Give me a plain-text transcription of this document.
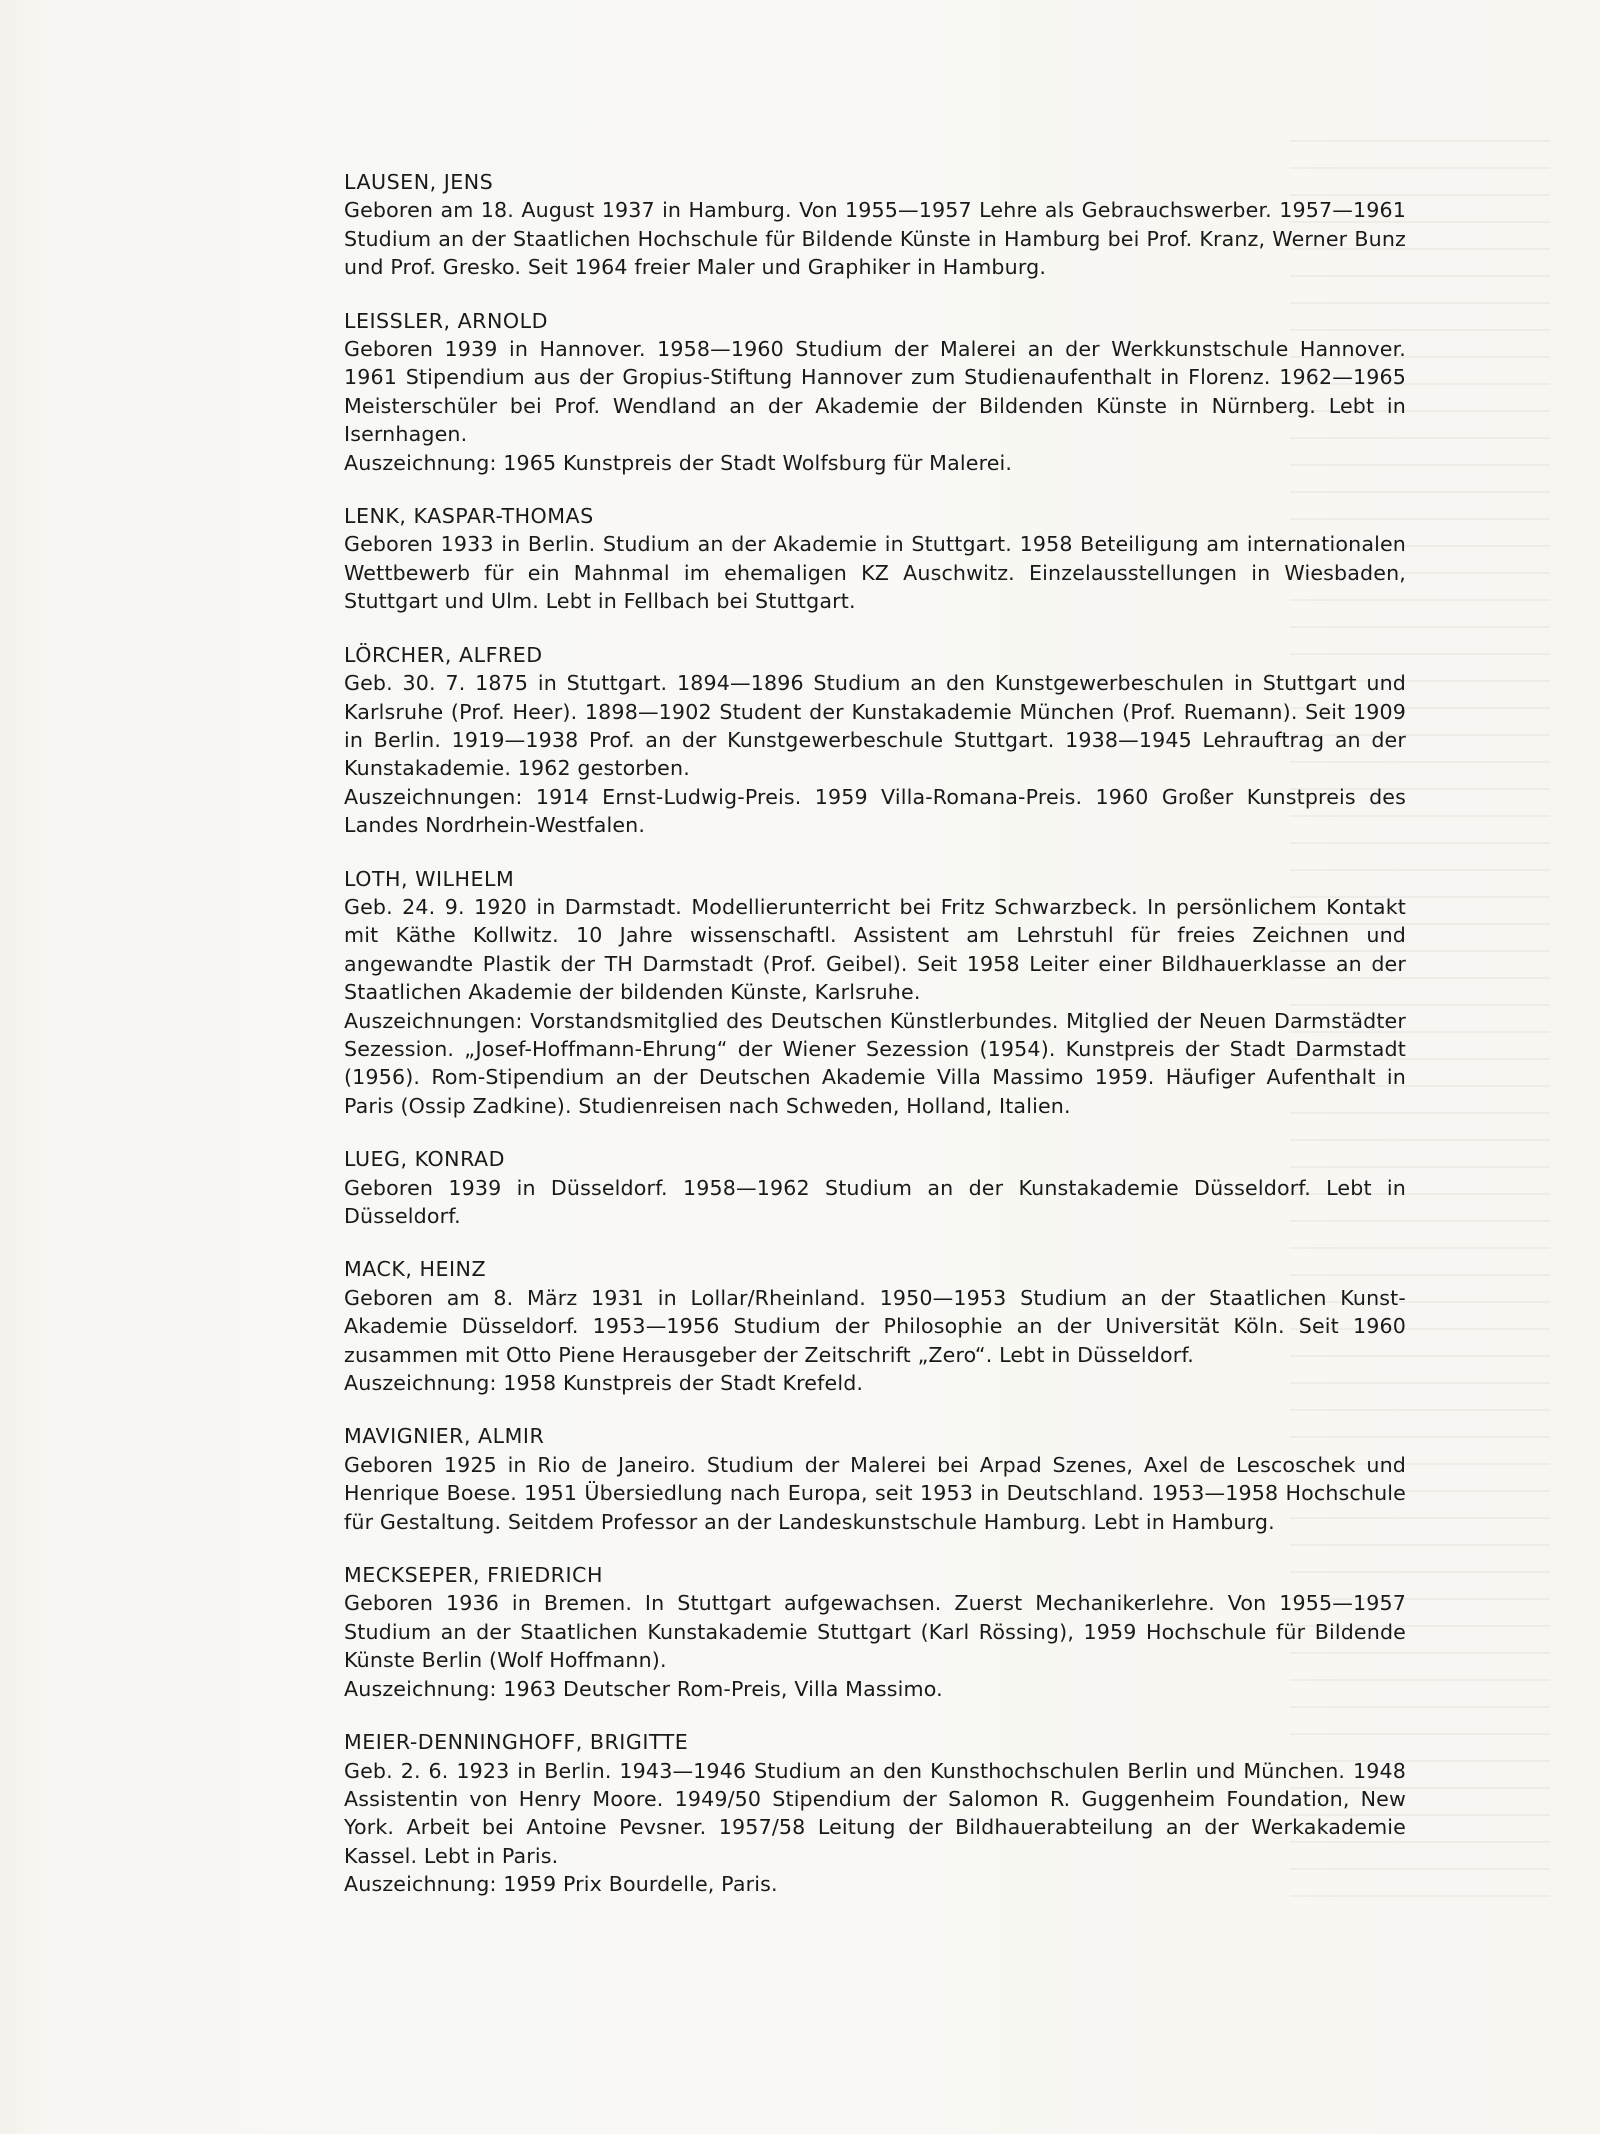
LAUSEN, JENS
Geboren am 18. August 1937 in Hamburg. Von 1955—1957 Lehre als Gebrauchswerber. 1957—1961 Studium an der Staatlichen Hochschule für Bildende Künste in Hamburg bei Prof. Kranz, Werner Bunz und Prof. Gresko. Seit 1964 freier Maler und Graphiker in Hamburg.
LEISSLER, ARNOLD
Geboren 1939 in Hannover. 1958—1960 Studium der Malerei an der Werkkunstschule Hannover. 1961 Stipendium aus der Gropius-Stiftung Hannover zum Studienaufenthalt in Florenz. 1962—1965 Meisterschüler bei Prof. Wendland an der Akademie der Bildenden Künste in Nürnberg. Lebt in Isernhagen.
Auszeichnung: 1965 Kunstpreis der Stadt Wolfsburg für Malerei.
LENK, KASPAR-THOMAS
Geboren 1933 in Berlin. Studium an der Akademie in Stuttgart. 1958 Beteiligung am internationalen Wettbewerb für ein Mahnmal im ehemaligen KZ Auschwitz. Einzelausstellungen in Wiesbaden, Stuttgart und Ulm. Lebt in Fellbach bei Stuttgart.
LÖRCHER, ALFRED
Geb. 30. 7. 1875 in Stuttgart. 1894—1896 Studium an den Kunstgewerbeschulen in Stuttgart und Karlsruhe (Prof. Heer). 1898—1902 Student der Kunstakademie München (Prof. Ruemann). Seit 1909 in Berlin. 1919—1938 Prof. an der Kunstgewerbeschule Stuttgart. 1938—1945 Lehrauftrag an der Kunstakademie. 1962 gestorben.
Auszeichnungen: 1914 Ernst-Ludwig-Preis. 1959 Villa-Romana-Preis. 1960 Großer Kunstpreis des Landes Nordrhein-Westfalen.
LOTH, WILHELM
Geb. 24. 9. 1920 in Darmstadt. Modellierunterricht bei Fritz Schwarzbeck. In persönlichem Kontakt mit Käthe Kollwitz. 10 Jahre wissenschaftl. Assistent am Lehrstuhl für freies Zeichnen und angewandte Plastik der TH Darmstadt (Prof. Geibel). Seit 1958 Leiter einer Bildhauerklasse an der Staatlichen Akademie der bildenden Künste, Karlsruhe.
Auszeichnungen: Vorstandsmitglied des Deutschen Künstlerbundes. Mitglied der Neuen Darmstädter Sezession. „Josef-Hoffmann-Ehrung“ der Wiener Sezession (1954). Kunstpreis der Stadt Darmstadt (1956). Rom-Stipendium an der Deutschen Akademie Villa Massimo 1959. Häufiger Aufenthalt in Paris (Ossip Zadkine). Studienreisen nach Schweden, Holland, Italien.
LUEG, KONRAD
Geboren 1939 in Düsseldorf. 1958—1962 Studium an der Kunstakademie Düsseldorf. Lebt in Düsseldorf.
MACK, HEINZ
Geboren am 8. März 1931 in Lollar/Rheinland. 1950—1953 Studium an der Staatlichen Kunst-Akademie Düsseldorf. 1953—1956 Studium der Philosophie an der Universität Köln. Seit 1960 zusammen mit Otto Piene Herausgeber der Zeitschrift „Zero“. Lebt in Düsseldorf.
Auszeichnung: 1958 Kunstpreis der Stadt Krefeld.
MAVIGNIER, ALMIR
Geboren 1925 in Rio de Janeiro. Studium der Malerei bei Arpad Szenes, Axel de Lescoschek und Henrique Boese. 1951 Übersiedlung nach Europa, seit 1953 in Deutschland. 1953—1958 Hochschule für Gestaltung. Seitdem Professor an der Landeskunstschule Hamburg. Lebt in Hamburg.
MECKSEPER, FRIEDRICH
Geboren 1936 in Bremen. In Stuttgart aufgewachsen. Zuerst Mechanikerlehre. Von 1955—1957 Studium an der Staatlichen Kunstakademie Stuttgart (Karl Rössing), 1959 Hochschule für Bildende Künste Berlin (Wolf Hoffmann).
Auszeichnung: 1963 Deutscher Rom-Preis, Villa Massimo.
MEIER-DENNINGHOFF, BRIGITTE
Geb. 2. 6. 1923 in Berlin. 1943—1946 Studium an den Kunsthochschulen Berlin und München. 1948 Assistentin von Henry Moore. 1949/50 Stipendium der Salomon R. Guggenheim Foundation, New York. Arbeit bei Antoine Pevsner. 1957/58 Leitung der Bildhauerabteilung an der Werkakademie Kassel. Lebt in Paris.
Auszeichnung: 1959 Prix Bourdelle, Paris.
